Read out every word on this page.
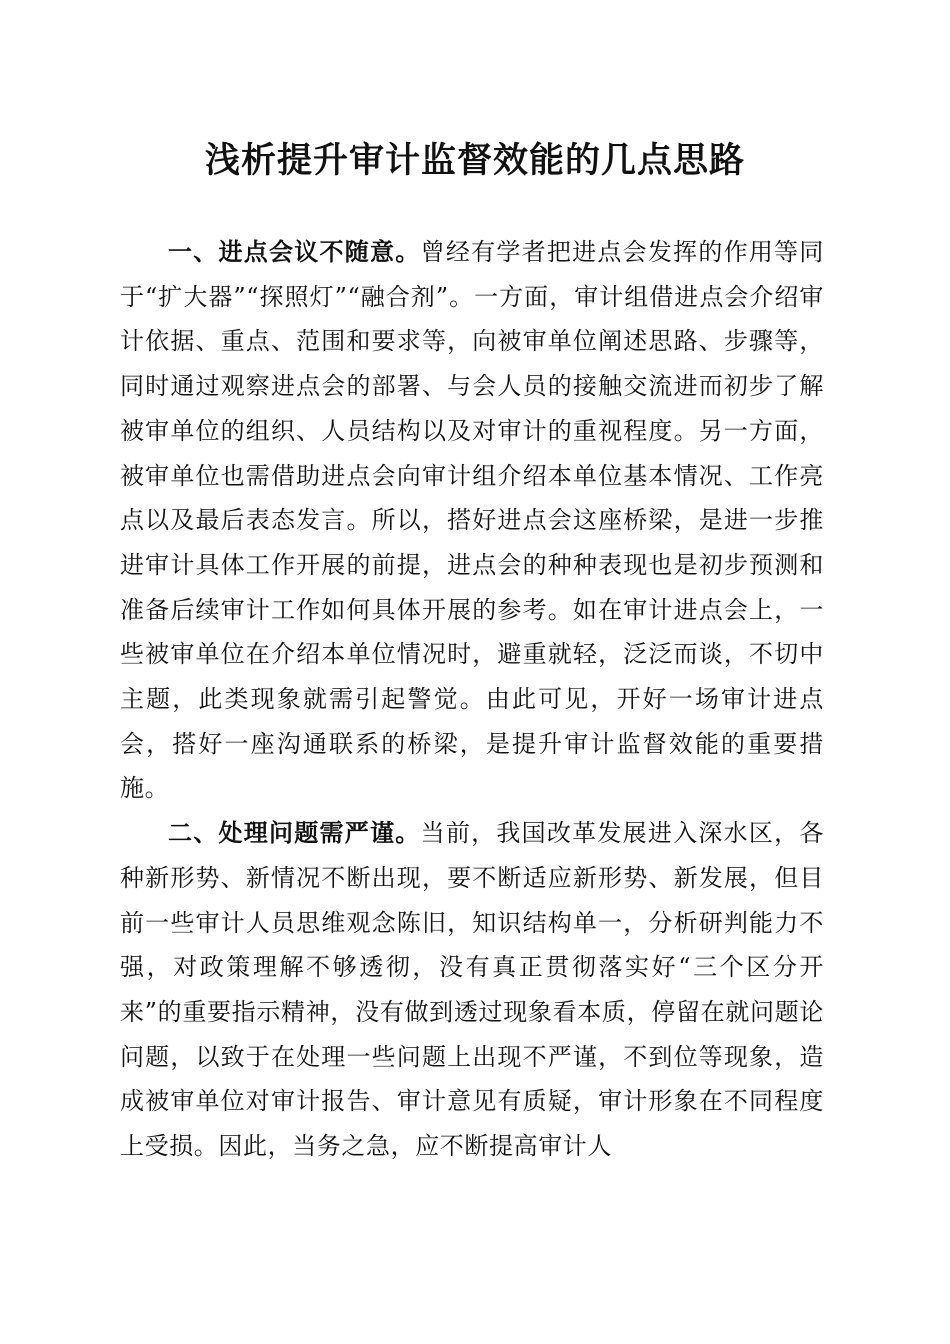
浅析提升审计监督效能的几点思路

一、进点会议不随意。曾经有学者把进点会发挥的作用等同于“扩大器”“探照灯”“融合剂”。一方面，审计组借进点会介绍审计依据、重点、范围和要求等，向被审单位阐述思路、步骤等，同时通过观察进点会的部署、与会人员的接触交流进而初步了解被审单位的组织、人员结构以及对审计的重视程度。另一方面，被审单位也需借助进点会向审计组介绍本单位基本情况、工作亮点以及最后表态发言。所以，搭好进点会这座桥梁，是进一步推进审计具体工作开展的前提，进点会的种种表现也是初步预测和准备后续审计工作如何具体开展的参考。如在审计进点会上，一些被审单位在介绍本单位情况时，避重就轻，泛泛而谈，不切中主题，此类现象就需引起警觉。由此可见，开好一场审计进点会，搭好一座沟通联系的桥梁，是提升审计监督效能的重要措施。

二、处理问题需严谨。当前，我国改革发展进入深水区，各种新形势、新情况不断出现，要不断适应新形势、新发展，但目前一些审计人员思维观念陈旧，知识结构单一，分析研判能力不强，对政策理解不够透彻，没有真正贯彻落实好“三个区分开来”的重要指示精神，没有做到透过现象看本质，停留在就问题论问题，以致于在处理一些问题上出现不严谨，不到位等现象，造成被审单位对审计报告、审计意见有质疑，审计形象在不同程度上受损。因此，当务之急，应不断提高审计人
